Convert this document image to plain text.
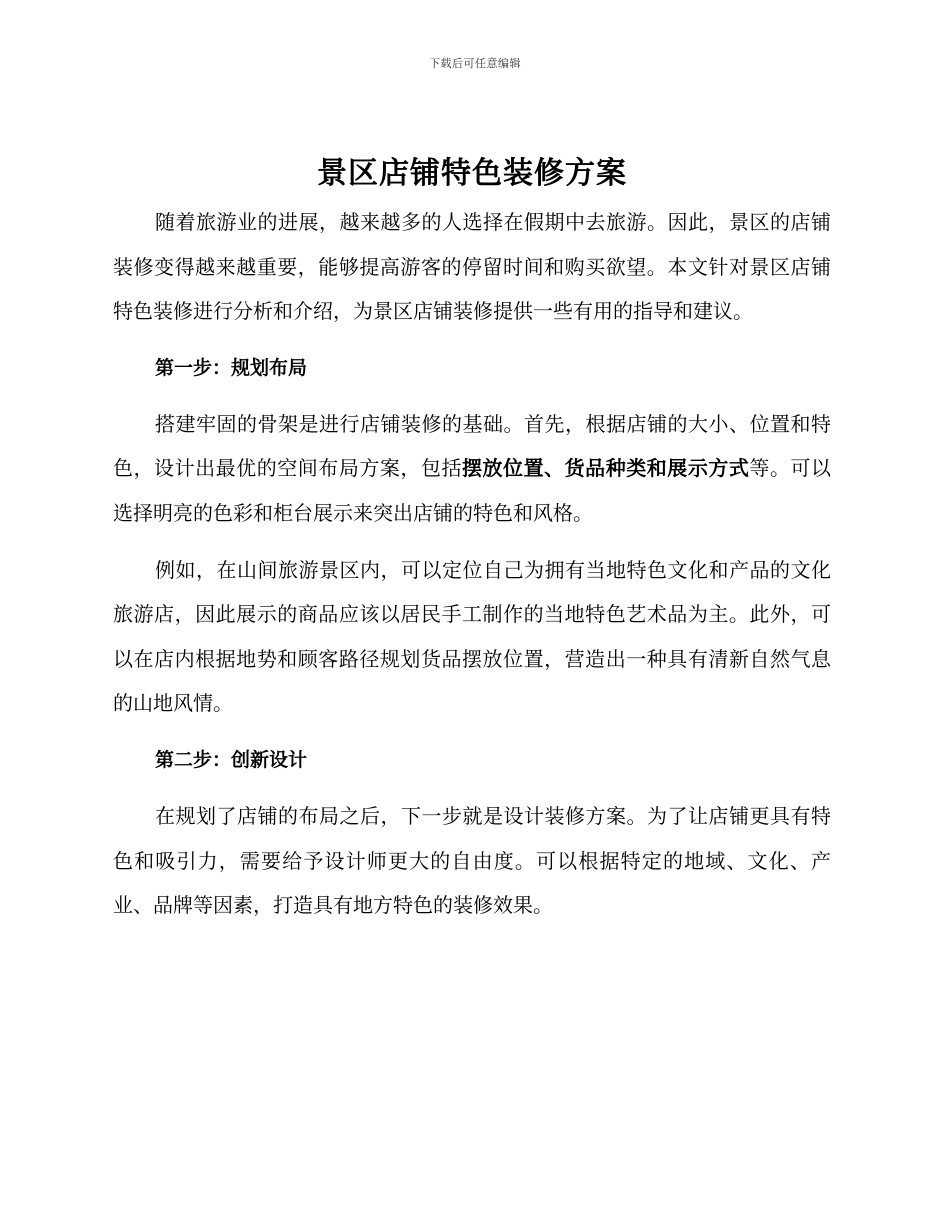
下载后可任意编辑
景区店铺特色装修方案

随着旅游业的进展，越来越多的人选择在假期中去旅游。因此，景区的店铺装修变得越来越重要，能够提高游客的停留时间和购买欲望。本文针对景区店铺特色装修进行分析和介绍，为景区店铺装修提供一些有用的指导和建议。

第一步：规划布局

搭建牢固的骨架是进行店铺装修的基础。首先，根据店铺的大小、位置和特色，设计出最优的空间布局方案，包括摆放位置、货品种类和展示方式等。可以选择明亮的色彩和柜台展示来突出店铺的特色和风格。

例如，在山间旅游景区内，可以定位自己为拥有当地特色文化和产品的文化旅游店，因此展示的商品应该以居民手工制作的当地特色艺术品为主。此外，可以在店内根据地势和顾客路径规划货品摆放位置，营造出一种具有清新自然气息的山地风情。

第二步：创新设计

在规划了店铺的布局之后，下一步就是设计装修方案。为了让店铺更具有特色和吸引力，需要给予设计师更大的自由度。可以根据特定的地域、文化、产业、品牌等因素，打造具有地方特色的装修效果。
